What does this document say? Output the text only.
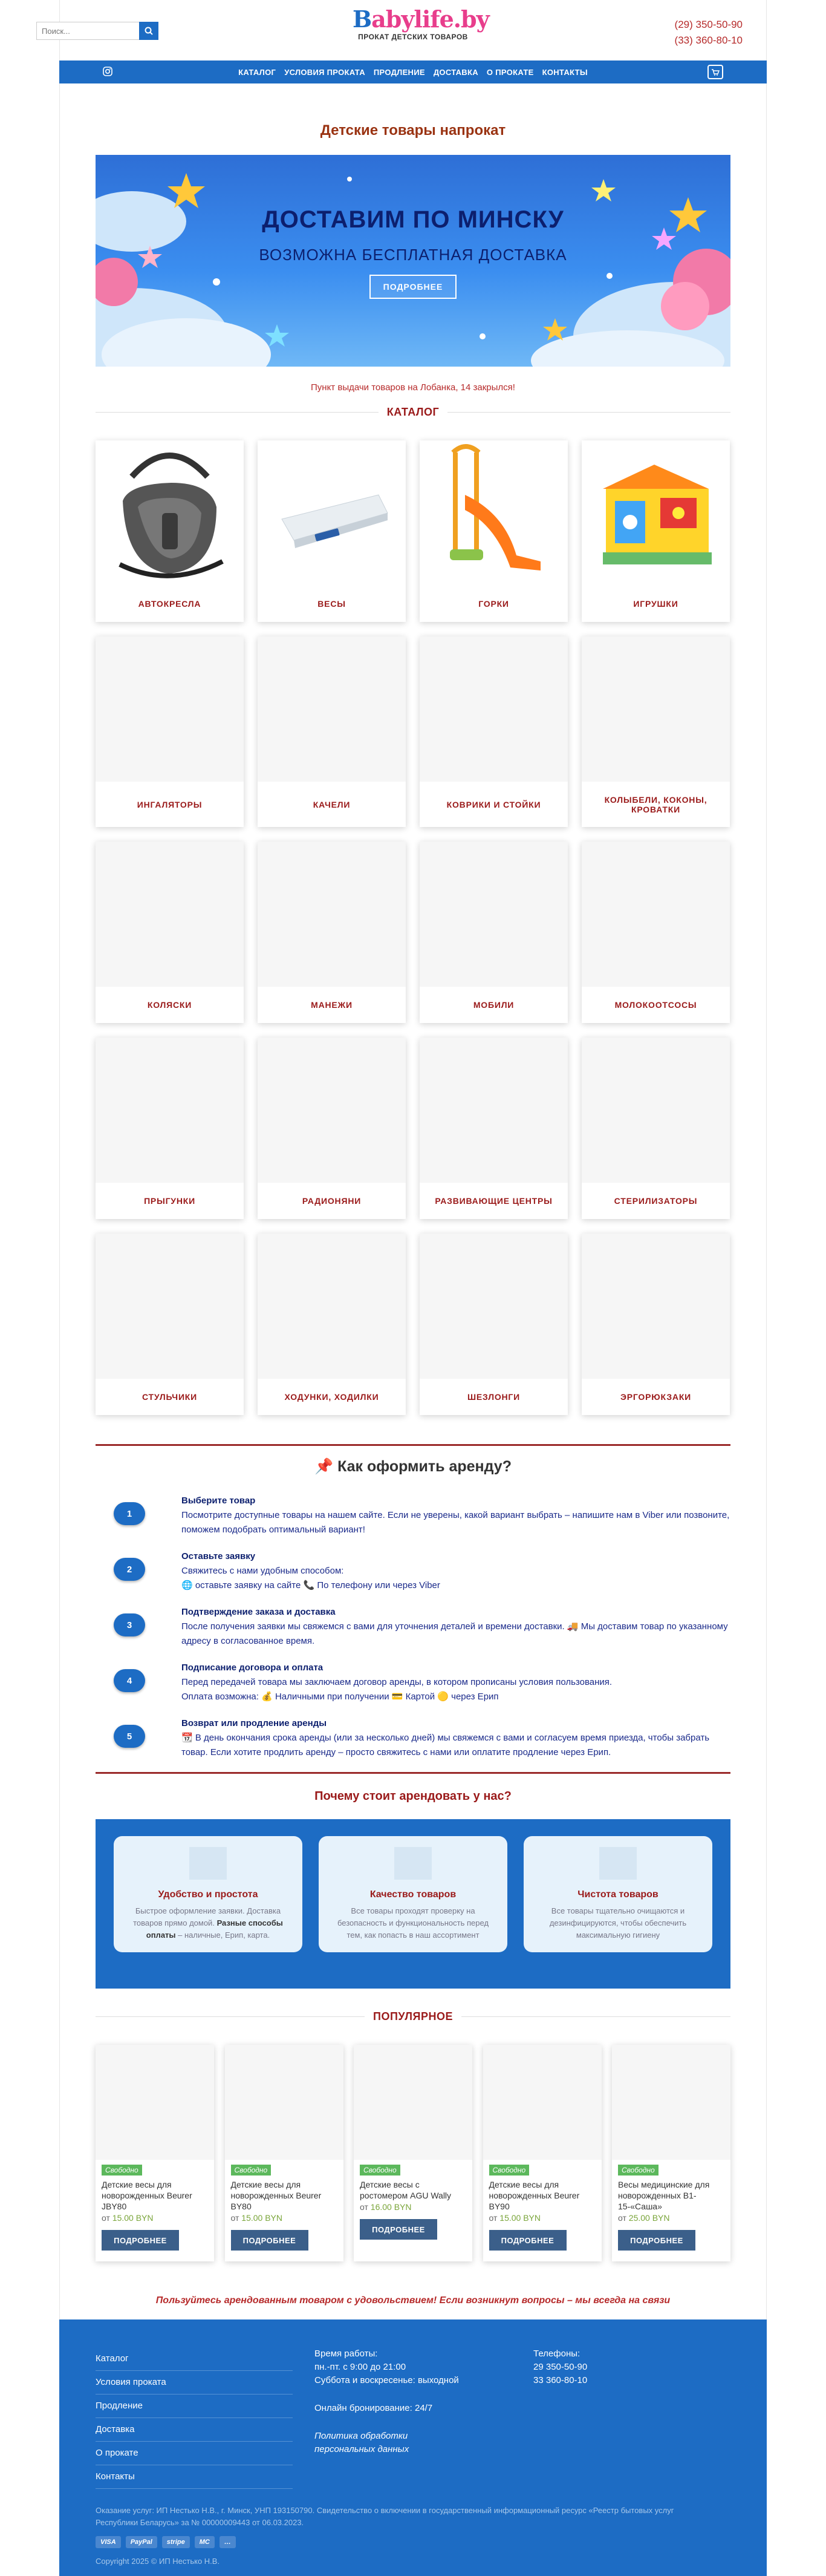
Поиск...
Babylife.by
ПРОКАТ ДЕТСКИХ ТОВАРОВ
(29) 350-50-90
(33) 360-80-10
КАТАЛОГ УСЛОВИЯ ПРОКАТА ПРОДЛЕНИЕ ДОСТАВКА О ПРОКАТЕ КОНТАКТЫ
Детские товары напрокат
ДОСТАВИМ ПО МИНСКУ
ВОЗМОЖНА БЕСПЛАТНАЯ ДОСТАВКА
ПОДРОБНЕЕ
Пункт выдачи товаров на Лобанка, 14 закрылся!
КАТАЛОГ
АВТОКРЕСЛА	ВЕСЫ	ГОРКИ	ИГРУШКИ
ИНГАЛЯТОРЫ	КАЧЕЛИ	КОВРИКИ И СТОЙКИ	КОЛЫБЕЛИ, КОКОНЫ, КРОВАТКИ
КОЛЯСКИ	МАНЕЖИ	МОБИЛИ	МОЛОКООТСОСЫ
ПРЫГУНКИ	РАДИОНЯНИ	РАЗВИВАЮЩИЕ ЦЕНТРЫ	СТЕРИЛИЗАТОРЫ
СТУЛЬЧИКИ	ХОДУНКИ, ХОДИЛКИ	ШЕЗЛОНГИ	ЭРГОРЮКЗАКИ
📌 Как оформить аренду?
1
Выберите товар
Посмотрите доступные товары на нашем сайте. Если не уверены, какой вариант выбрать – напишите нам в Viber или позвоните, поможем подобрать оптимальный вариант!
2
Оставьте заявку
Свяжитесь с нами удобным способом:
🌐 оставьте заявку на сайте 📞 По телефону или через Viber
3
Подтверждение заказа и доставка
После получения заявки мы свяжемся с вами для уточнения деталей и времени доставки. 🚚 Мы доставим товар по указанному адресу в согласованное время.
4
Подписание договора и оплата
Перед передачей товара мы заключаем договор аренды, в котором прописаны условия пользования.
Оплата возможна: 💰 Наличными при получении 💳 Картой 🟡 через Ерип
5
Возврат или продление аренды
📆 В день окончания срока аренды (или за несколько дней) мы свяжемся с вами и согласуем время приезда, чтобы забрать товар. Если хотите продлить аренду – просто свяжитесь с нами или оплатите продление через Ерип.
Почему стоит арендовать у нас?
Удобство и простота

Быстрое оформление заявки. Доставка товаров прямо домой. Разные способы оплаты – наличные, Ерип, карта.

Качество товаров

Все товары проходят проверку на безопасность и функциональность перед тем, как попасть в наш ассортимент

Чистота товаров

Все товары тщательно очищаются и дезинфицируются, чтобы обеспечить максимальную гигиену

ПОПУЛЯРНОЕ
Свободно
Детские весы для новорожденных Beurer JBY80
от 15.00 BYN
ПОДРОБНЕЕ
Свободно
Детские весы для новорожденных Beurer BY80
от 15.00 BYN
ПОДРОБНЕЕ
Свободно
Детские весы с ростомером AGU Wally
от 16.00 BYN
ПОДРОБНЕЕ
Свободно
Детские весы для новорожденных Beurer BY90
от 15.00 BYN
ПОДРОБНЕЕ
Свободно
Весы медицинские для новорожденных В1-15-«Саша»
от 25.00 BYN
ПОДРОБНЕЕ
Пользуйтесь арендованным товаром с удовольствием! Если возникнут вопросы – мы всегда на связи
Каталог
Условия проката
Продление
Доставка
О прокате
Контакты
Время работы:
пн.-пт. с 9:00 до 21:00
Суббота и воскресенье: выходной
Онлайн бронирование: 24/7
Политика обработки персональных данных
Телефоны:
29 350-50-90
33 360-80-10
Оказание услуг: ИП Нестько Н.В., г. Минск, УНП 193150790. Свидетельство о включении в государственный информационный ресурс «Реестр бытовых услуг Республики Беларусь» за № 00000009443 от 06.03.2023.
VISA	PayPal	stripe	MC	…
Copyright 2025 © ИП Нестько Н.В.
